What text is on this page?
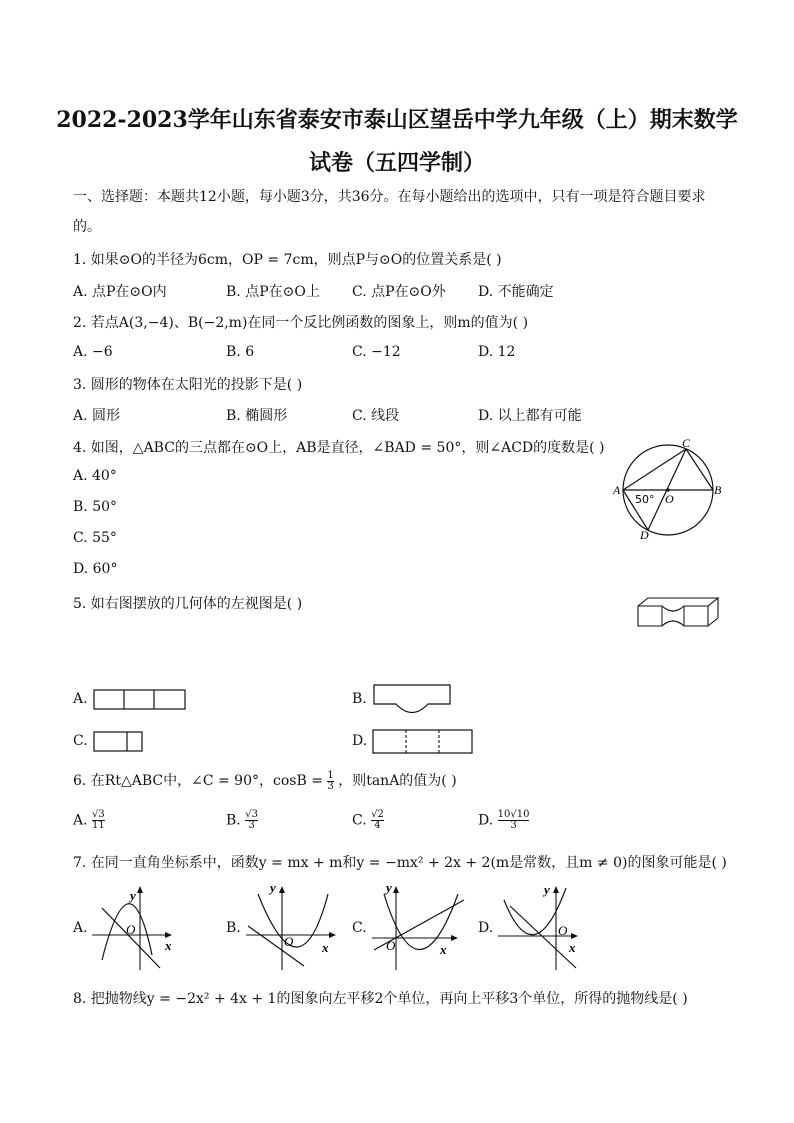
2022-2023学年山东省泰安市泰山区望岳中学九年级（上）期末数学
试卷（五四学制）
一、选择题：本题共12小题，每小题3分，共36分。在每小题给出的选项中，只有一项是符合题目要求
的。
1. 如果⊙O的半径为6cm，OP = 7cm，则点P与⊙O的位置关系是( )
A. 点P在⊙O内	B. 点P在⊙O上 C. 点P在⊙O外 D. 不能确定
2. 若点A(3,−4)、B(−2,m)在同一个反比例函数的图象上，则m的值为( )
A. −6	B. 6	C. −12	D. 12
3. 圆形的物体在太阳光的投影下是( )
A. 圆形	B. 椭圆形	C. 线段	D. 以上都有可能
4. 如图，△ABC的三点都在⊙O上，AB是直径，∠BAD = 50°，则∠ACD的度数是( )
A. 40°
B. 50°
C. 55°
D. 60°
A	B
C
D
O
50°
5. 如右图摆放的几何体的左视图是( )
A.	B.
C.	D.
6. 在Rt△ABC中，∠C = 90°，$\cos B = \frac{1}{3}$ ，则tanA的值为( )
A. $\frac{√3}{11}$	B. $\frac{√3}{3}$	C. $\frac{√2}{4}$	D. $\frac{10√10}{3}$
7. 在同一直角坐标系中，函数y = mx + m和y = −mx² + 2x + 2(m是常数，且m ≠ 0)的图象可能是( )
A.
y
x
O	B.
y
x
O
C.
y
x
O
D.
y
x
O
8. 把抛物线y = −2x² + 4x + 1的图象向左平移2个单位，再向上平移3个单位，所得的抛物线是( )
